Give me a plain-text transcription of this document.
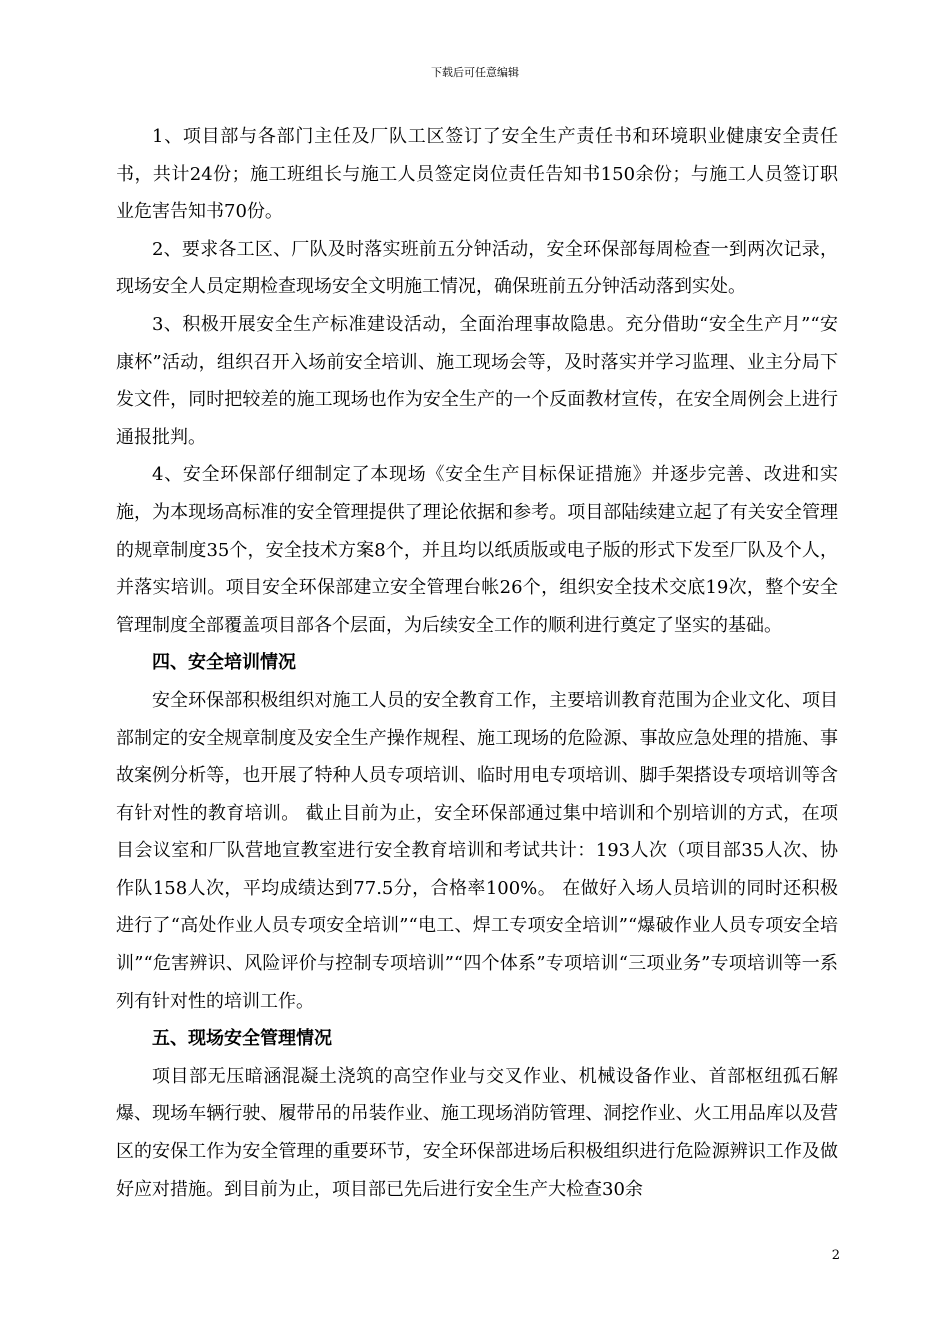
下载后可任意编辑

1、项目部与各部门主任及厂队工区签订了安全生产责任书和环境职业健康安全责任书，共计24份；施工班组长与施工人员签定岗位责任告知书150余份；与施工人员签订职业危害告知书70份。

2、要求各工区、厂队及时落实班前五分钟活动，安全环保部每周检查一到两次记录，现场安全人员定期检查现场安全文明施工情况，确保班前五分钟活动落到实处。

3、积极开展安全生产标准建设活动，全面治理事故隐患。充分借助“安全生产月”“安康杯”活动，组织召开入场前安全培训、施工现场会等，及时落实并学习监理、业主分局下发文件，同时把较差的施工现场也作为安全生产的一个反面教材宣传，在安全周例会上进行通报批判。

4、安全环保部仔细制定了本现场《安全生产目标保证措施》并逐步完善、改进和实施，为本现场高标准的安全管理提供了理论依据和参考。项目部陆续建立起了有关安全管理的规章制度35个，安全技术方案8个，并且均以纸质版或电子版的形式下发至厂队及个人，并落实培训。项目安全环保部建立安全管理台帐26个，组织安全技术交底19次，整个安全管理制度全部覆盖项目部各个层面，为后续安全工作的顺利进行奠定了坚实的基础。

四、安全培训情况

安全环保部积极组织对施工人员的安全教育工作，主要培训教育范围为企业文化、项目部制定的安全规章制度及安全生产操作规程、施工现场的危险源、事故应急处理的措施、事故案例分析等，也开展了特种人员专项培训、临时用电专项培训、脚手架搭设专项培训等含有针对性的教育培训。 截止目前为止，安全环保部通过集中培训和个别培训的方式，在项目会议室和厂队营地宣教室进行安全教育培训和考试共计：193人次（项目部35人次、协作队158人次，平均成绩达到77.5分，合格率100%。 在做好入场人员培训的同时还积极进行了“高处作业人员专项安全培训”“电工、焊工专项安全培训”“爆破作业人员专项安全培训”“危害辨识、风险评价与控制专项培训”“四个体系”专项培训“三项业务”专项培训等一系列有针对性的培训工作。

五、现场安全管理情况

项目部无压暗涵混凝土浇筑的高空作业与交叉作业、机械设备作业、首部枢纽孤石解爆、现场车辆行驶、履带吊的吊装作业、施工现场消防管理、洞挖作业、火工用品库以及营区的安保工作为安全管理的重要环节，安全环保部进场后积极组织进行危险源辨识工作及做好应对措施。到目前为止，项目部已先后进行安全生产大检查30余

2
